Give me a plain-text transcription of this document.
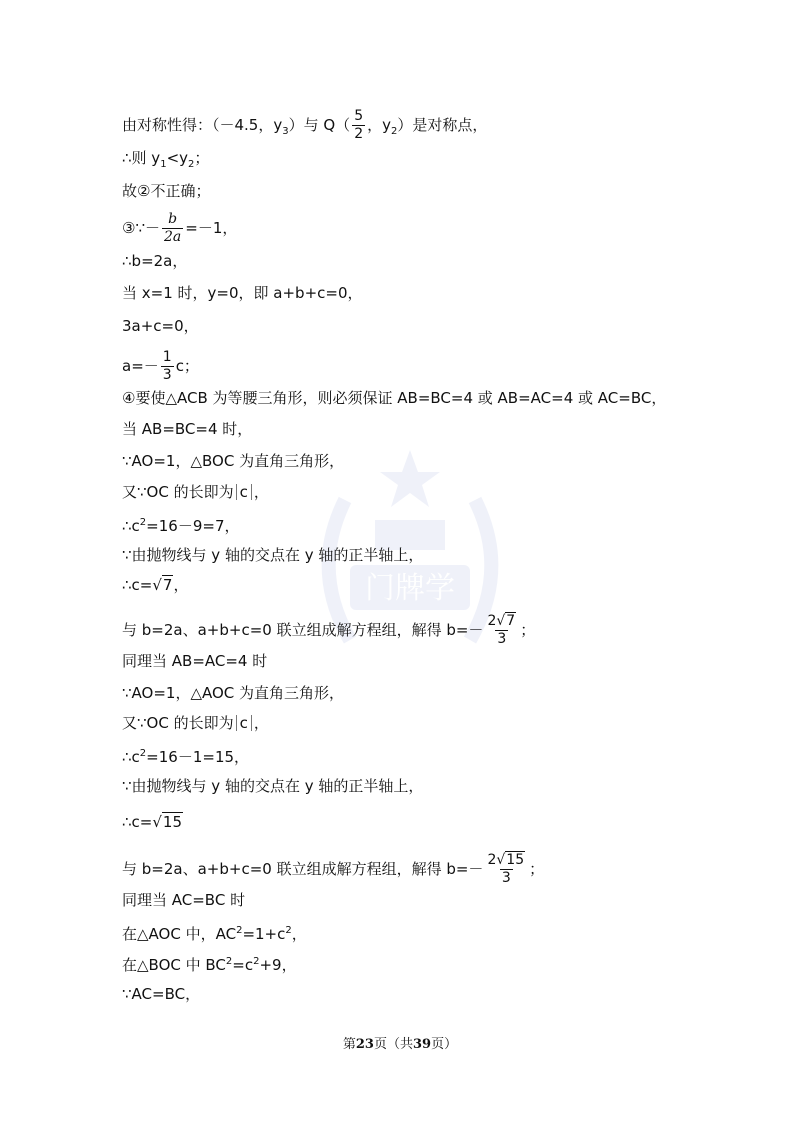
门牌学
由对称性得：（－4.5，$y_3$）与 $Q( \frac{5}{2}$ ，$y_2$）是对称点，
∴则 $y_1<y_2$；
故②不正确；
③∵－ $\frac{b}{2a} =-1$，
∴b=2a，
当 x=1 时，y=0，即 a+b+c=0，
3a+c=0，
$a=- \frac{1}{3}$ c；
④要使△ACB 为等腰三角形，则必须保证 AB=BC=4 或 AB=AC=4 或 AC=BC，
当 AB=BC=4 时，
∵AO=1，△BOC 为直角三角形，
又∵OC 的长即为 c ，
$\therefore c^2=16-9=7$，
∵由抛物线与 y 轴的交点在 y 轴的正半轴上，
∴c=√7，
与 b=2a、a+b+c=0 联立组成解方程组，解得 $b=- \frac{2√7}{3}$ ；
同理当 AB=AC=4 时
∵AO=1，△AOC 为直角三角形，
又∵OC 的长即为 c ，
$\therefore c^2=16-1=15$，
∵由抛物线与 y 轴的交点在 y 轴的正半轴上，
∴c=√15
与 b=2a、a+b+c=0 联立组成解方程组，解得 $b=- \frac{2√15}{3}$ ；
同理当 AC=BC 时
在△AOC 中，$AC^2=1+c^2$，
在△BOC 中 $BC^2=c^2+9$，
∵AC=BC，
第23页（共39页）
